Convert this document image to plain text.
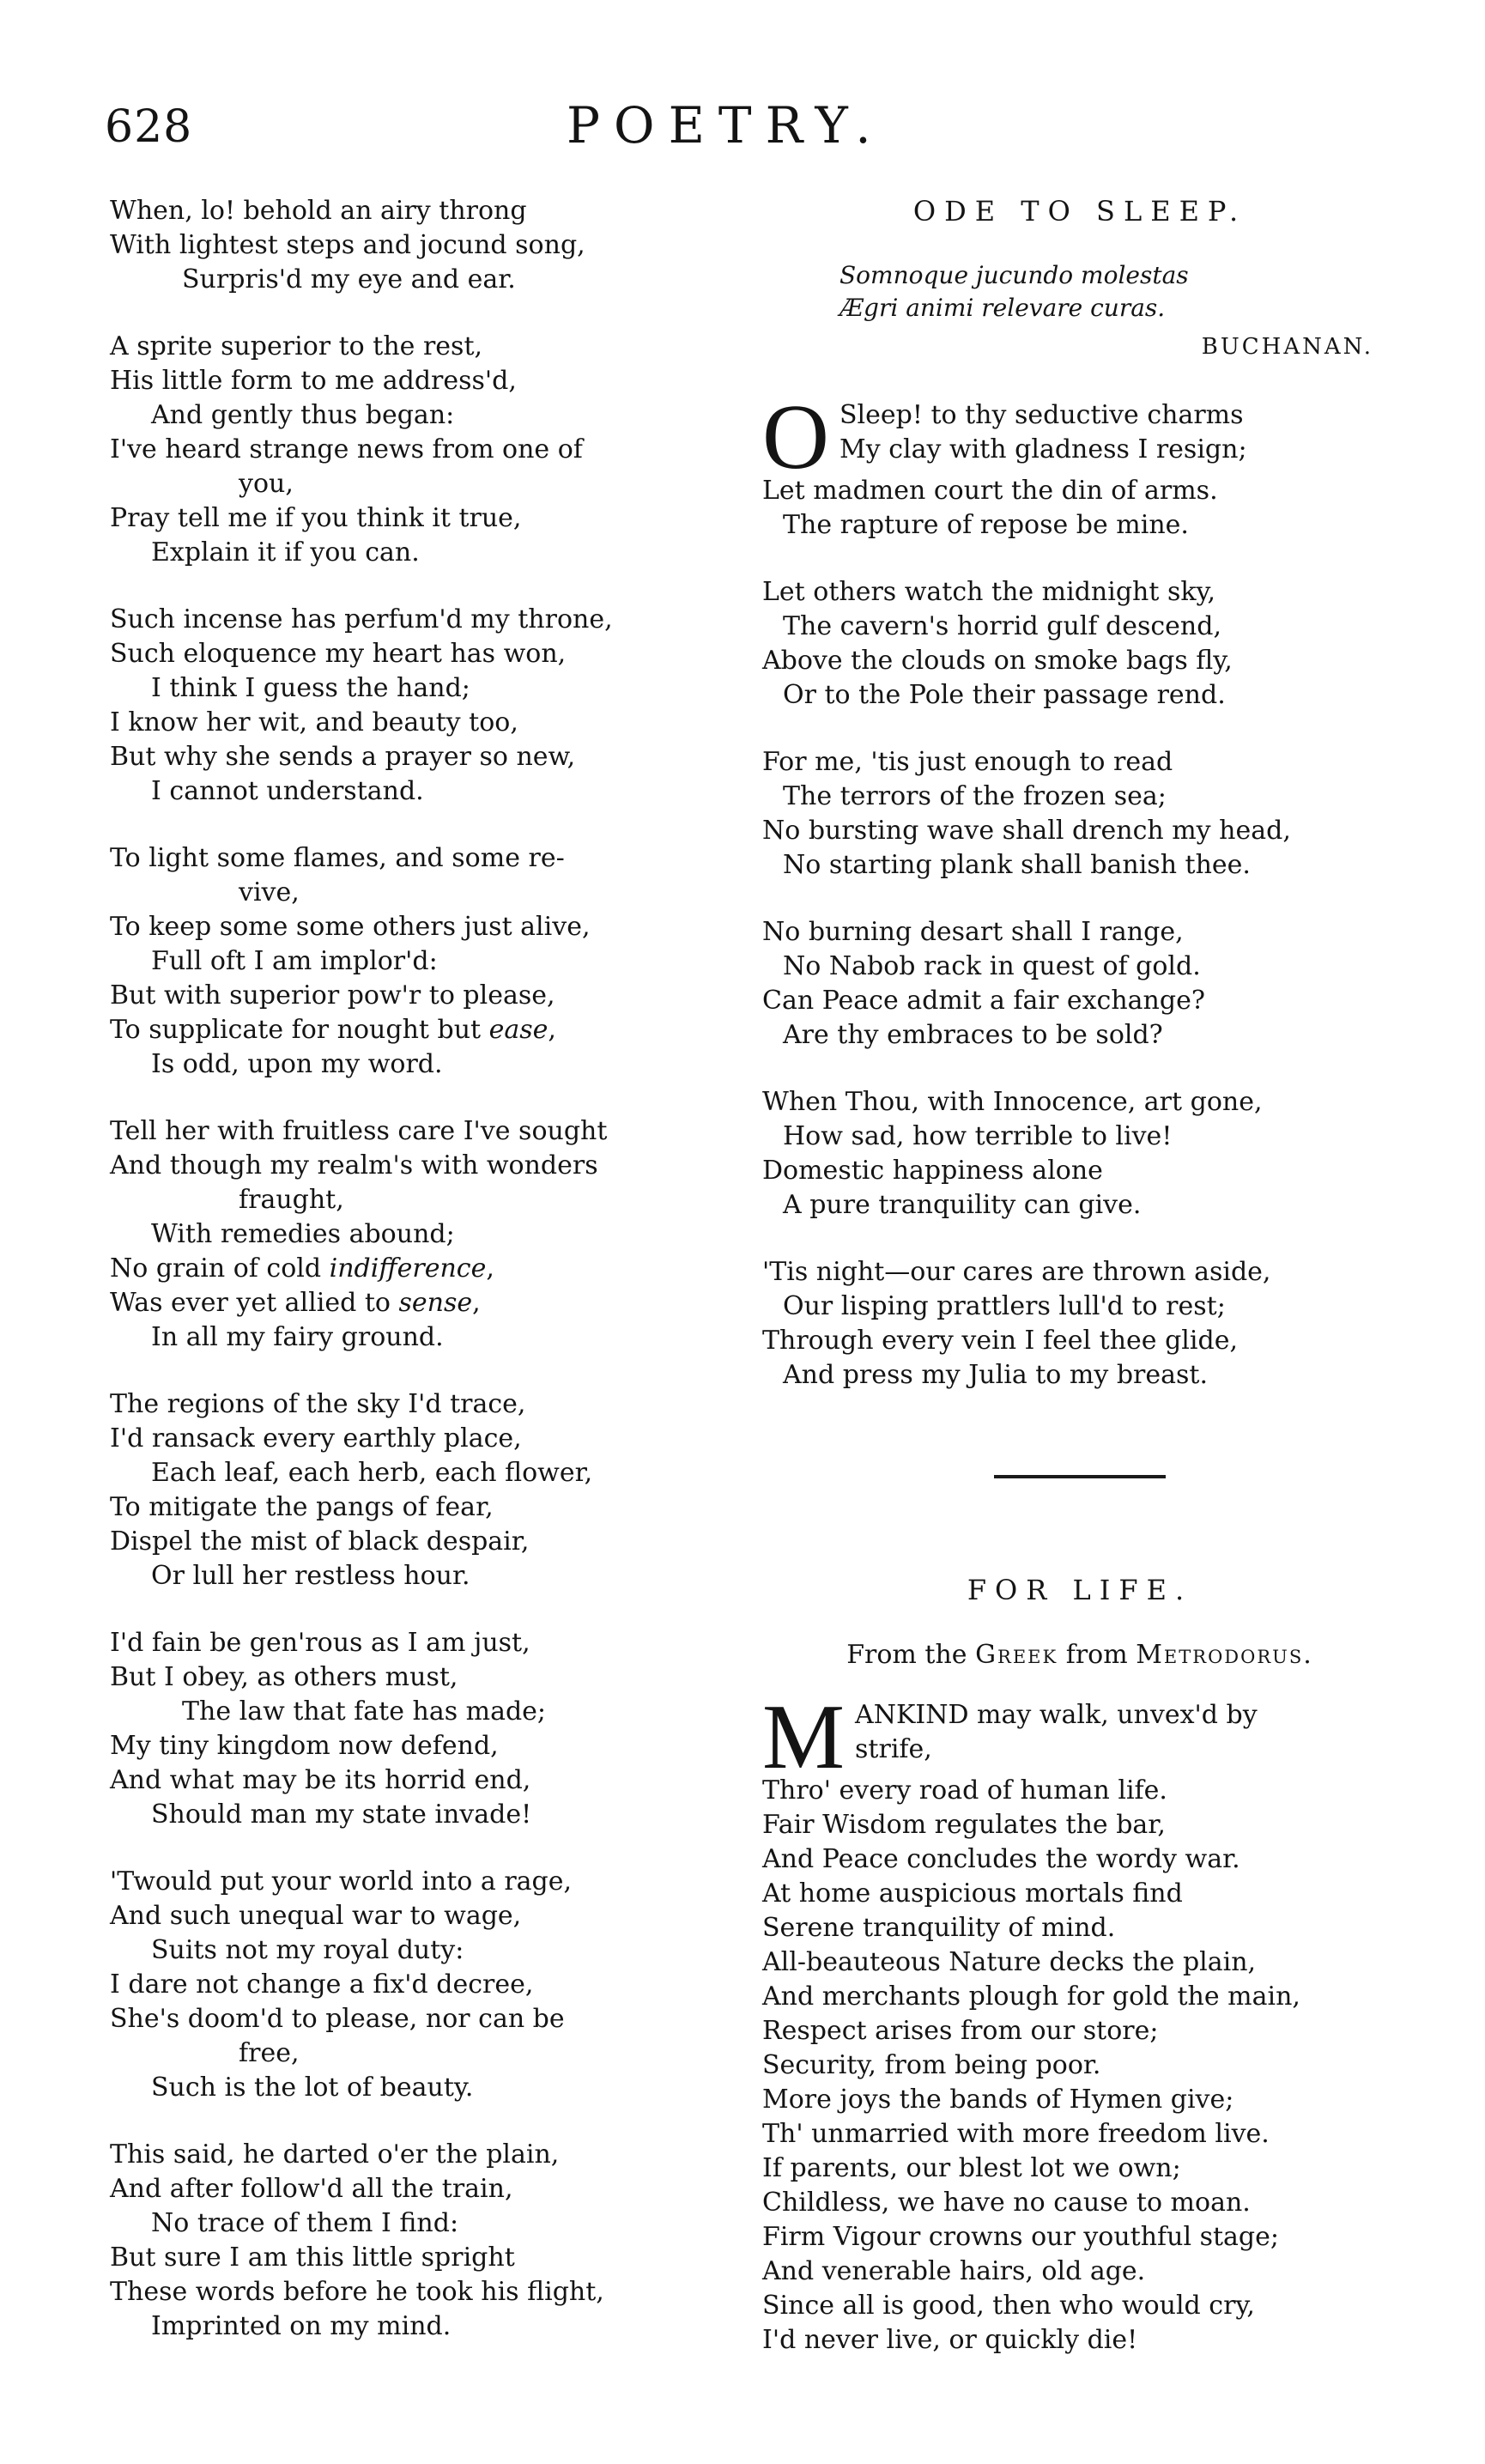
628	POETRY.
When, lo! behold an airy throng
With lightest steps and jocund song,
Surpris'd my eye and ear.
A sprite superior to the rest,
His little form to me address'd,
And gently thus began:
I've heard strange news from one of
you,
Pray tell me if you think it true,
Explain it if you can.
Such incense has perfum'd my throne,
Such eloquence my heart has won,
I think I guess the hand;
I know her wit, and beauty too,
But why she sends a prayer so new,
I cannot understand.
To light some flames, and some re-
vive,
To keep some some others just alive,
Full oft I am implor'd:
But with superior pow'r to please,
To supplicate for nought but ease,
Is odd, upon my word.
Tell her with fruitless care I've sought
And though my realm's with wonders
fraught,
With remedies abound;
No grain of cold indifference,
Was ever yet allied to sense,
In all my fairy ground.
The regions of the sky I'd trace,
I'd ransack every earthly place,
Each leaf, each herb, each flower,
To mitigate the pangs of fear,
Dispel the mist of black despair,
Or lull her restless hour.
I'd fain be gen'rous as I am just,
But I obey, as others must,
The law that fate has made;
My tiny kingdom now defend,
And what may be its horrid end,
Should man my state invade!
'Twould put your world into a rage,
And such unequal war to wage,
Suits not my royal duty:
I dare not change a fix'd decree,
She's doom'd to please, nor can be
free,
Such is the lot of beauty.
This said, he darted o'er the plain,
And after follow'd all the train,
No trace of them I find:
But sure I am this little spright
These words before he took his flight,
Imprinted on my mind.
ODE TO SLEEP.
Somnoque jucundo molestas
Ægri animi relevare curas.
BUCHANAN.
O Sleep! to thy seductive charms
My clay with gladness I resign;
Let madmen court the din of arms.
The rapture of repose be mine.
Let others watch the midnight sky,
The cavern's horrid gulf descend,
Above the clouds on smoke bags fly,
Or to the Pole their passage rend.
For me, 'tis just enough to read
The terrors of the frozen sea;
No bursting wave shall drench my head,
No starting plank shall banish thee.
No burning desart shall I range,
No Nabob rack in quest of gold.
Can Peace admit a fair exchange?
Are thy embraces to be sold?
When Thou, with Innocence, art gone,
How sad, how terrible to live!
Domestic happiness alone
A pure tranquility can give.
'Tis night—our cares are thrown aside,
Our lisping prattlers lull'd to rest;
Through every vein I feel thee glide,
And press my Julia to my breast.
FOR LIFE.
From the Greek from Metrodorus.
M ANKIND may walk, unvex'd by
strife,
Thro' every road of human life.
Fair Wisdom regulates the bar,
And Peace concludes the wordy war.
At home auspicious mortals find
Serene tranquility of mind.
All-beauteous Nature decks the plain,
And merchants plough for gold the main,
Respect arises from our store;
Security, from being poor.
More joys the bands of Hymen give;
Th' unmarried with more freedom live.
If parents, our blest lot we own;
Childless, we have no cause to moan.
Firm Vigour crowns our youthful stage;
And venerable hairs, old age.
Since all is good, then who would cry,
I'd never live, or quickly die!
